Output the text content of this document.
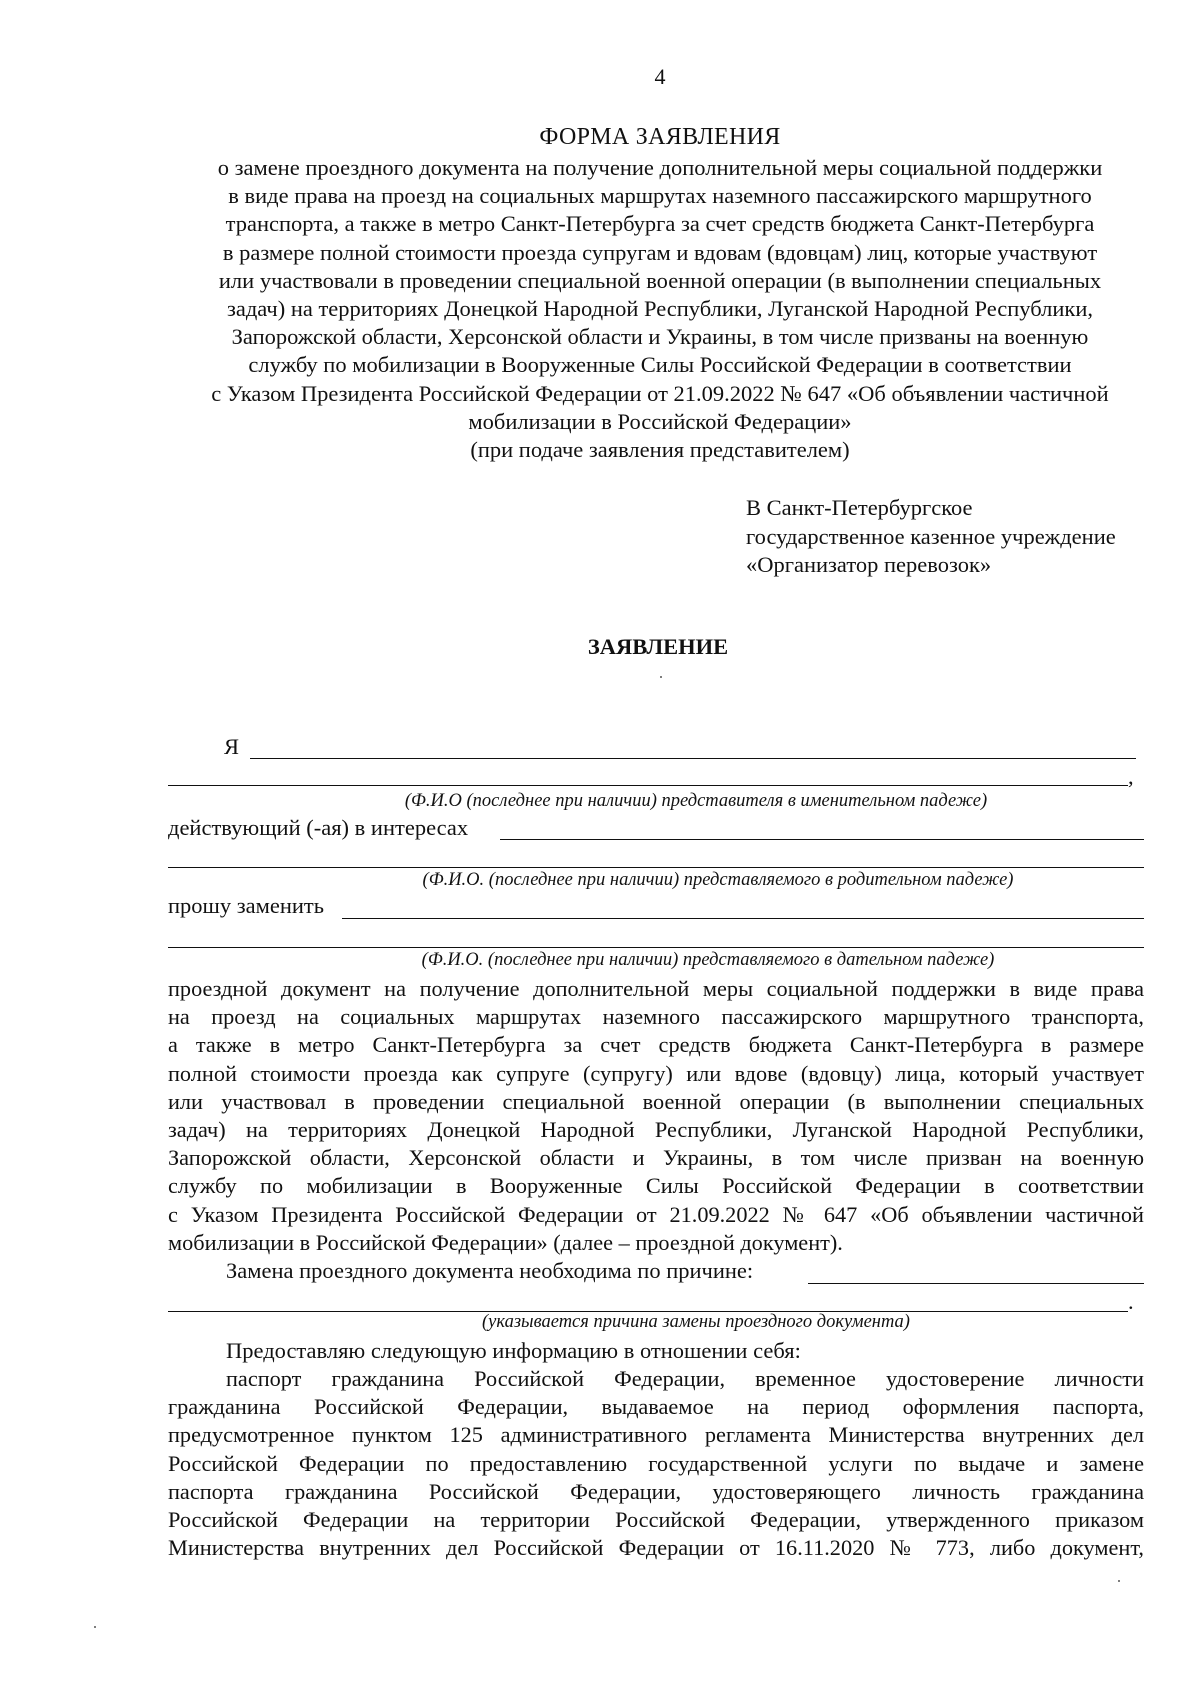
4
ФОРМА ЗАЯВЛЕНИЯ
о замене проездного документа на получение дополнительной меры социальной поддержки
в виде права на проезд на социальных маршрутах наземного пассажирского маршрутного
транспорта, а также в метро Санкт-Петербурга за счет средств бюджета Санкт-Петербурга
в размере полной стоимости проезда супругам и вдовам (вдовцам) лиц, которые участвуют
или участвовали в проведении специальной военной операции (в выполнении специальных
задач) на территориях Донецкой Народной Республики, Луганской Народной Республики,
Запорожской области, Херсонской области и Украины, в том числе призваны на военную
службу по мобилизации в Вооруженные Силы Российской Федерации в соответствии
с Указом Президента Российской Федерации от 21.09.2022 № 647 «Об объявлении частичной
мобилизации в Российской Федерации»
(при подаче заявления представителем)
В Санкт-Петербургское
государственное казенное учреждение
«Организатор перевозок»
ЗАЯВЛЕНИЕ
Я
,
(Ф.И.О (последнее при наличии) представителя в именительном падеже)
действующий (-ая) в интересах
(Ф.И.О. (последнее при наличии) представляемого в родительном падеже)
прошу заменить
(Ф.И.О. (последнее при наличии) представляемого в дательном падеже)
проездной документ на получение дополнительной меры социальной поддержки в виде права
на проезд на социальных маршрутах наземного пассажирского маршрутного транспорта,
а также в метро Санкт-Петербурга за счет средств бюджета Санкт-Петербурга в размере
полной стоимости проезда как супруге (супругу) или вдове (вдовцу) лица, который участвует
или участвовал в проведении специальной военной операции (в выполнении специальных
задач) на территориях Донецкой Народной Республики, Луганской Народной Республики,
Запорожской области, Херсонской области и Украины, в том числе призван на военную
службу по мобилизации в Вооруженные Силы Российской Федерации в соответствии
с Указом Президента Российской Федерации от 21.09.2022 № 647 «Об объявлении частичной
мобилизации в Российской Федерации» (далее – проездной документ).
Замена проездного документа необходима по причине:
.
(указывается причина замены проездного документа)
Предоставляю следующую информацию в отношении себя:
паспорт гражданина Российской Федерации, временное удостоверение личности
гражданина Российской Федерации, выдаваемое на период оформления паспорта,
предусмотренное пунктом 125 административного регламента Министерства внутренних дел
Российской Федерации по предоставлению государственной услуги по выдаче и замене
паспорта гражданина Российской Федерации, удостоверяющего личность гражданина
Российской Федерации на территории Российской Федерации, утвержденного приказом
Министерства внутренних дел Российской Федерации от 16.11.2020 № 773, либо документ,
